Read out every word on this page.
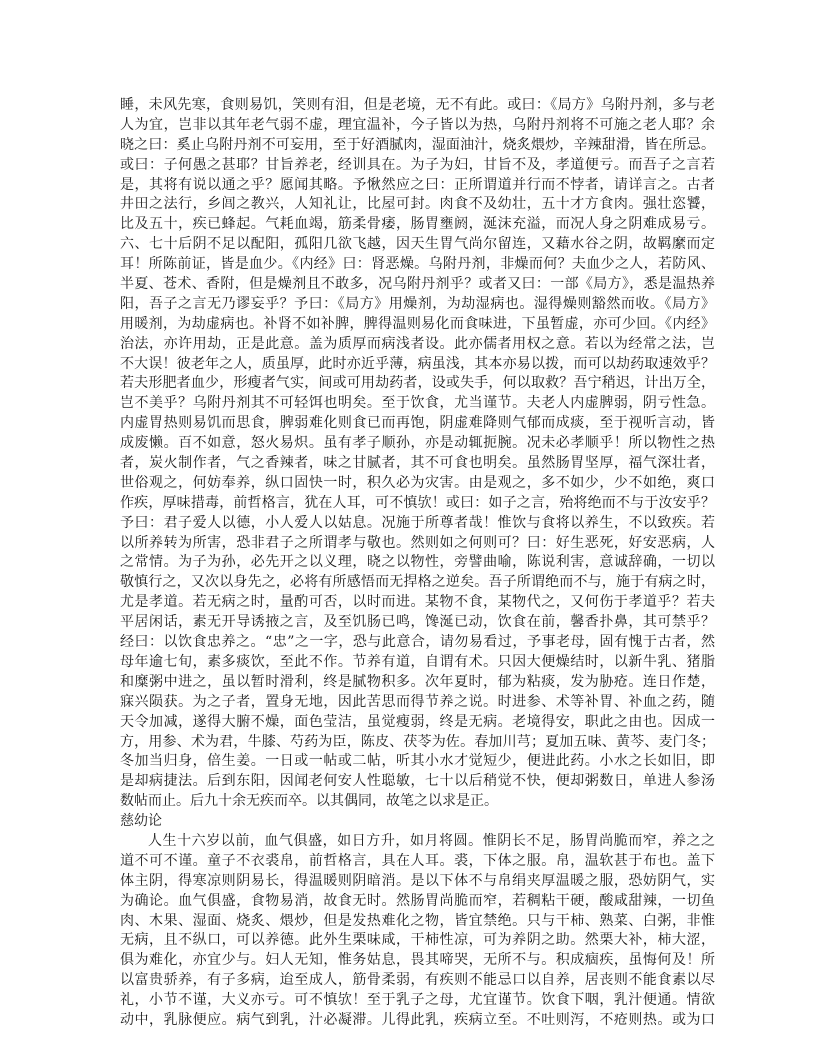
睡，未风先寒，食则易饥，笑则有泪，但是老境，无不有此。或曰：《局方》乌附丹剂，多与老
人为宜，岂非以其年老气弱不虚，理宜温补，今子皆以为热，乌附丹剂将不可施之老人耶？余
晓之曰：奚止乌附丹剂不可妄用，至于好酒腻肉，湿面油汁，烧炙煨炒，辛辣甜滑，皆在所忌。
或曰：子何愚之甚耶？甘旨养老，经训具在。为子为妇，甘旨不及，孝道便亏。而吾子之言若
是，其将有说以通之乎？愿闻其略。予愀然应之曰：正所谓道并行而不悖者，请详言之。古者
井田之法行，乡闾之教兴，人知礼让，比屋可封。肉食不及幼壮，五十才方食肉。强壮恣饕，
比及五十，疾已蜂起。气耗血竭，筋柔骨痿，肠胃壅阏，涎沫充溢，而况人身之阴难成易亏。
六、七十后阴不足以配阳，孤阳几欲飞越，因天生胃气尚尔留连，又藉水谷之阴，故羁縻而定
耳！所陈前证，皆是血少。《内经》曰：肾恶燥。乌附丹剂，非燥而何？夫血少之人，若防风、
半夏、苍术、香附，但是燥剂且不敢多，况乌附丹剂乎？或者又曰：一部《局方》，悉是温热养
阳，吾子之言无乃谬妄乎？予曰：《局方》用燥剂，为劫湿病也。湿得燥则豁然而收。《局方》
用暖剂，为劫虚病也。补肾不如补脾，脾得温则易化而食味进，下虽暂虚，亦可少回。《内经》
治法，亦许用劫，正是此意。盖为质厚而病浅者设。此亦儒者用权之意。若以为经常之法，岂
不大误！彼老年之人，质虽厚，此时亦近乎薄，病虽浅，其本亦易以拨，而可以劫药取速效乎？
若夫形肥者血少，形瘦者气实，间或可用劫药者，设或失手，何以取救？吾宁稍迟，计出万全，
岂不美乎？乌附丹剂其不可轻饵也明矣。至于饮食，尤当谨节。夫老人内虚脾弱，阴亏性急。
内虚胃热则易饥而思食，脾弱难化则食已而再饱，阴虚难降则气郁而成痰，至于视听言动，皆
成废懒。百不如意，怒火易炽。虽有孝子顺孙，亦是动辄扼腕。况未必孝顺乎！所以物性之热
者，炭火制作者，气之香辣者，味之甘腻者，其不可食也明矣。虽然肠胃坚厚，福气深壮者，
世俗观之，何妨奉养，纵口固快一时，积久必为灾害。由是观之，多不如少，少不如绝，爽口
作疾，厚味措毒，前哲格言，犹在人耳，可不慎欤！或曰：如子之言，殆将绝而不与于汝安乎？
予曰：君子爱人以德，小人爱人以姑息。况施于所尊者哉！惟饮与食将以养生，不以致疾。若
以所养转为所害，恐非君子之所谓孝与敬也。然则如之何则可？曰：好生恶死，好安恶病，人
之常情。为子为孙，必先开之以义理，晓之以物性，旁譬曲喻，陈说利害，意诚辞确，一切以
敬慎行之，又次以身先之，必将有所感悟而无捍格之逆矣。吾子所谓绝而不与，施于有病之时，
尤是孝道。若无病之时，量酌可否，以时而进。某物不食，某物代之，又何伤于孝道乎？若夫
平居闲话，素无开导诱掖之言，及至饥肠已鸣，馋涎已动，饮食在前，馨香扑鼻，其可禁乎？
经曰：以饮食忠养之。“忠”之一字，恐与此意合，请勿易看过，予事老母，固有愧于古者，然
母年逾七旬，素多痰饮，至此不作。节养有道，自谓有术。只因大便燥结时，以新牛乳、猪脂
和糜粥中进之，虽以暂时滑利，终是腻物积多。次年夏时，郁为粘痰，发为胁疮。连日作楚，
寐兴陨获。为之子者，置身无地，因此苦思而得节养之说。时进参、术等补胃、补血之药，随
天令加减，遂得大腑不燥，面色莹洁，虽觉瘦弱，终是无病。老境得安，职此之由也。因成一
方，用参、术为君，牛膝、芍药为臣，陈皮、茯苓为佐。春加川芎；夏加五味、黄芩、麦门冬；
冬加当归身，倍生姜。一日或一帖或二帖，听其小水才觉短少，便进此药。小水之长如旧，即
是却病捷法。后到东阳，因闻老何安人性聪敏，七十以后稍觉不快，便却粥数日，单进人参汤
数帖而止。后九十余无疾而卒。以其偶同，故笔之以求是正。
慈幼论
人生十六岁以前，血气俱盛，如日方升，如月将圆。惟阴长不足，肠胃尚脆而窄，养之之
道不可不谨。童子不衣裘帛，前哲格言，具在人耳。裘，下体之服。帛，温软甚于布也。盖下
体主阴，得寒凉则阴易长，得温暖则阴暗消。是以下体不与帛绢夹厚温暖之服，恐妨阴气，实
为确论。血气俱盛，食物易消，故食无时。然肠胃尚脆而窄，若稠粘干硬，酸咸甜辣，一切鱼
肉、木果、湿面、烧炙、煨炒，但是发热难化之物，皆宜禁绝。只与干柿、熟菜、白粥，非惟
无病，且不纵口，可以养德。此外生栗味咸，干柿性凉，可为养阴之助。然栗大补，柿大涩，
俱为难化，亦宜少与。妇人无知，惟务姑息，畏其啼哭，无所不与。积成痼疾，虽悔何及！所
以富贵骄养，有子多病，迨至成人，筋骨柔弱，有疾则不能忌口以自养，居丧则不能食素以尽
礼，小节不谨，大义亦亏。可不慎欤！至于乳子之母，尤宜谨节。饮食下咽，乳汁便通。情欲
动中，乳脉便应。病气到乳，汁必凝滞。儿得此乳，疾病立至。不吐则泻，不疮则热。或为口
